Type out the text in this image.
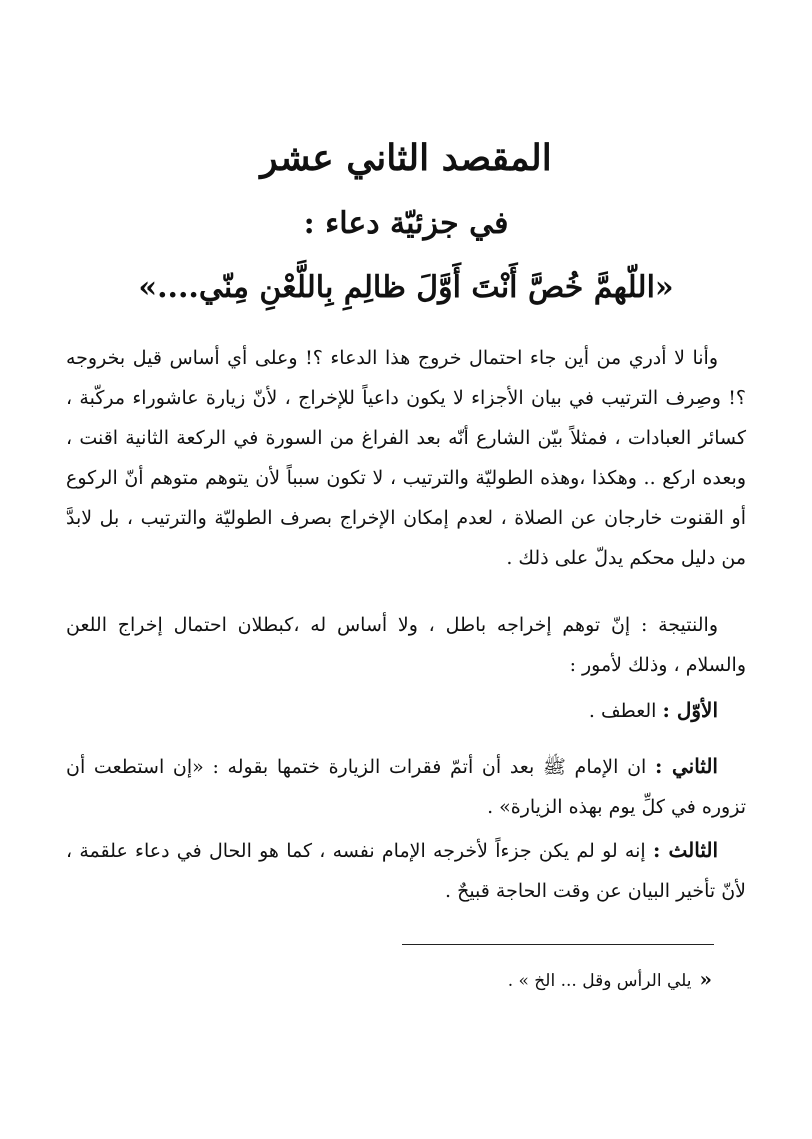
المقصد الثاني عشر
في جزئيّة دعاء :
«اللّهمَّ خُصَّ أَنْتَ أَوَّلَ ظالِمِ بِاللَّعْنِ مِنّي....»

وأنا لا أدري من أين جاء احتمال خروج هذا الدعاء ؟! وعلى أي أساس قيل بخروجه ؟! وصِرف الترتيب في بيان الأجزاء لا يكون داعياً للإخراج ، لأنّ زيارة عاشوراء مركّبة ، كسائر العبادات ، فمثلاً بيّن الشارع أنّه بعد الفراغ من السورة في الركعة الثانية اقنت ، وبعده اركع .. وهكذا ،وهذه الطوليّة والترتيب ، لا تكون سبباً لأن يتوهم متوهم أنّ الركوع أو القنوت خارجان عن الصلاة ، لعدم إمكان الإخراج بصرف الطوليّة والترتيب ، بل لابدَّ من دليل محكم يدلّ على ذلك .

والنتيجة : إنّ توهم إخراجه باطل ، ولا أساس له ،كبطلان احتمال إخراج اللعن والسلام ، وذلك لأمور :

الأوّل : العطف .

الثاني : ان الإمام ﷺ بعد أن أتمّ فقرات الزيارة ختمها بقوله : «إن استطعت أن تزوره في كلِّ يوم بهذه الزيارة» .

الثالث : إنه لو لم يكن جزءاً لأخرجه الإمام نفسه ، كما هو الحال في دعاء علقمة ، لأنّ تأخير البيان عن وقت الحاجة قبيحٌ .

«يلي الرأس وقل ... الخ » .
